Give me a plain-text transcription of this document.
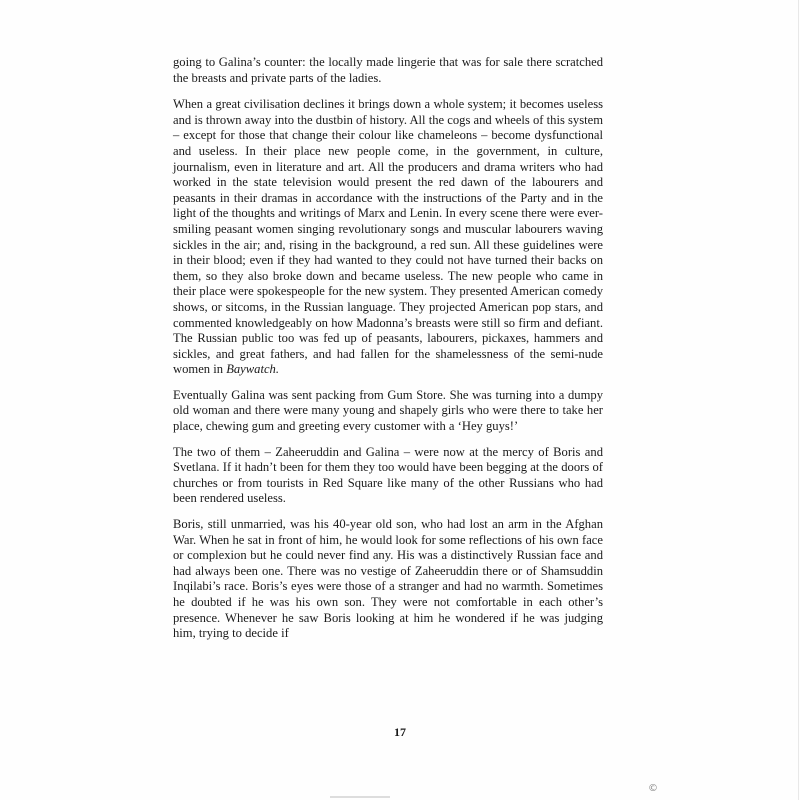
going to Galina’s counter: the locally made lingerie that was for sale there scratched the breasts and private parts of the ladies.

When a great civilisation declines it brings down a whole system; it becomes useless and is thrown away into the dustbin of history. All the cogs and wheels of this system – except for those that change their colour like chameleons – become dysfunctional and useless. In their place new people come, in the government, in culture, journalism, even in literature and art. All the producers and drama writers who had worked in the state television would present the red dawn of the labourers and peasants in their dramas in accordance with the instructions of the Party and in the light of the thoughts and writings of Marx and Lenin. In every scene there were ever-smiling peasant women singing revolutionary songs and muscular labourers waving sickles in the air; and, rising in the background, a red sun. All these guidelines were in their blood; even if they had wanted to they could not have turned their backs on them, so they also broke down and became useless. The new people who came in their place were spokespeople for the new system. They presented American comedy shows, or sitcoms, in the Russian language. They projected American pop stars, and commented knowledgeably on how Madonna’s breasts were still so firm and defiant. The Russian public too was fed up of peasants, labourers, pickaxes, hammers and sickles, and great fathers, and had fallen for the shamelessness of the semi-nude women in Baywatch.

Eventually Galina was sent packing from Gum Store. She was turning into a dumpy old woman and there were many young and shapely girls who were there to take her place, chewing gum and greeting every customer with a ‘Hey guys!’

The two of them – Zaheeruddin and Galina – were now at the mercy of Boris and Svetlana. If it hadn’t been for them they too would have been begging at the doors of churches or from tourists in Red Square like many of the other Russians who had been rendered useless.

Boris, still unmarried, was his 40-year old son, who had lost an arm in the Afghan War. When he sat in front of him, he would look for some reflections of his own face or complexion but he could never find any. His was a distinctively Russian face and had always been one. There was no vestige of Zaheeruddin there or of Shamsuddin Inqilabi’s race. Boris’s eyes were those of a stranger and had no warmth. Sometimes he doubted if he was his own son. They were not comfortable in each other’s presence. Whenever he saw Boris looking at him he wondered if he was judging him, trying to decide if

17
©
